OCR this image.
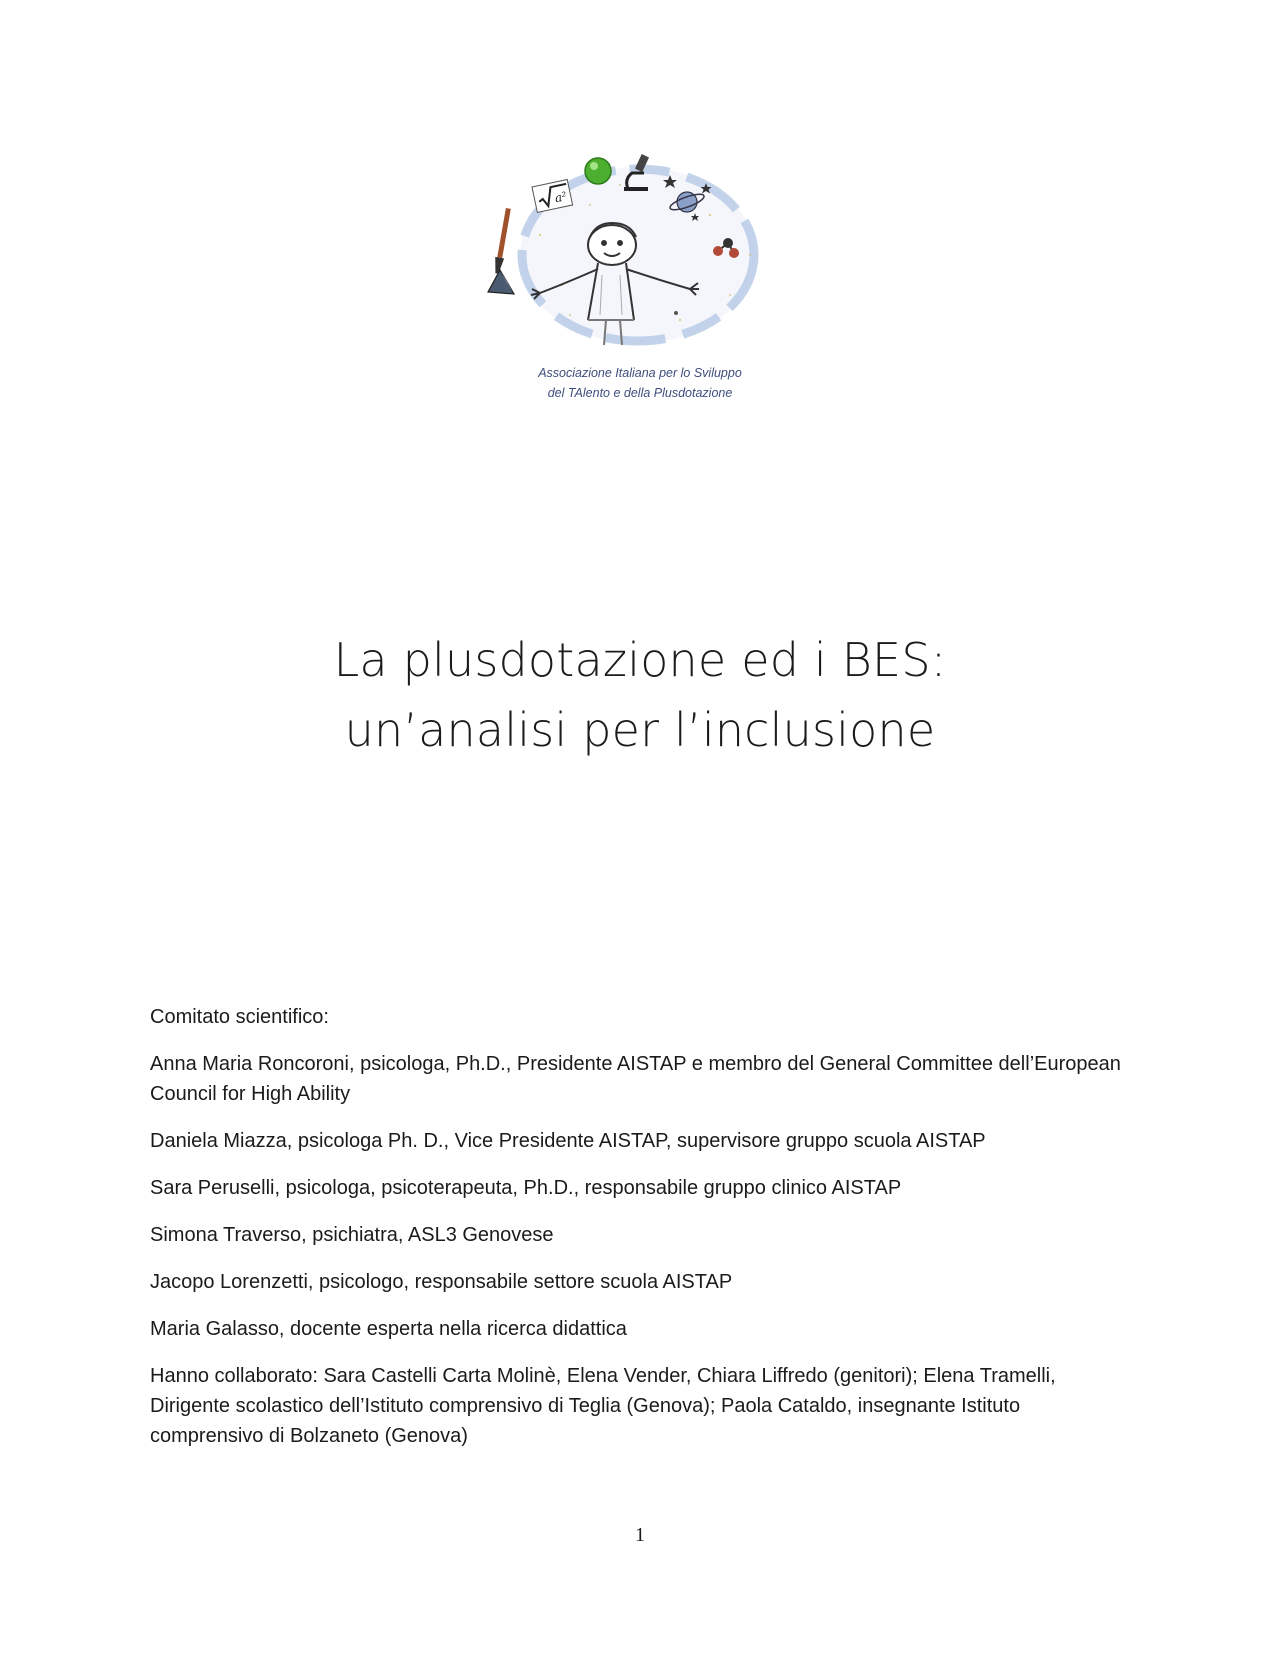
a²
Associazione Italiana per lo Sviluppo
del TAlento e della Plusdotazione
La plusdotazione ed i BES:
un’analisi per l’inclusione

Comitato scientifico:

Anna Maria Roncoroni, psicologa, Ph.D., Presidente AISTAP e membro del General Committee dell’European Council for High Ability

Daniela Miazza, psicologa Ph. D., Vice Presidente AISTAP, supervisore gruppo scuola AISTAP

Sara Peruselli, psicologa, psicoterapeuta, Ph.D., responsabile gruppo clinico AISTAP

Simona Traverso, psichiatra, ASL3 Genovese

Jacopo Lorenzetti, psicologo, responsabile settore scuola AISTAP

Maria Galasso, docente esperta nella ricerca didattica

Hanno collaborato: Sara Castelli Carta Molinè, Elena Vender, Chiara Liffredo (genitori); Elena Tramelli, Dirigente scolastico dell’Istituto comprensivo di Teglia (Genova); Paola Cataldo, insegnante Istituto comprensivo di Bolzaneto (Genova)

1
